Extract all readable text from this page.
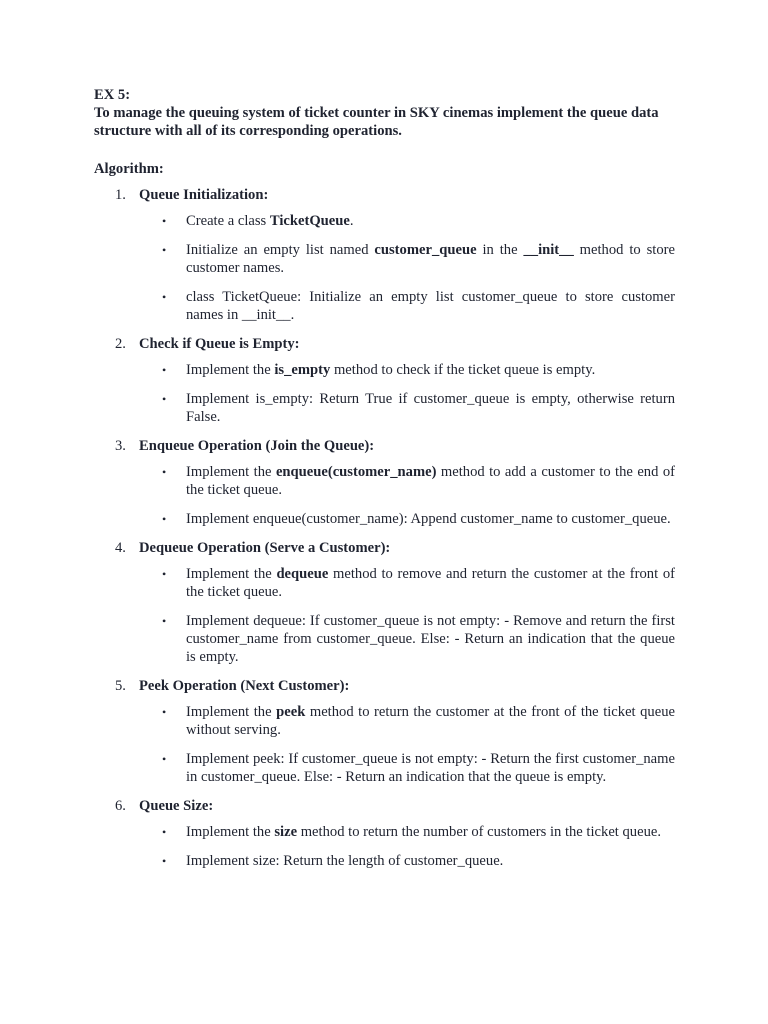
EX 5:
To manage the queuing system of ticket counter in SKY cinemas implement the queue data structure with all of its corresponding operations.
Algorithm:
1. Queue Initialization:
• Create a class TicketQueue.
• Initialize an empty list named customer_queue in the __init__ method to store customer names.
• class TicketQueue: Initialize an empty list customer_queue to store customer names in __init__.
2. Check if Queue is Empty:
• Implement the is_empty method to check if the ticket queue is empty.
• Implement is_empty: Return True if customer_queue is empty, otherwise return False.
3. Enqueue Operation (Join the Queue):
• Implement the enqueue(customer_name) method to add a customer to the end of the ticket queue.
• Implement enqueue(customer_name): Append customer_name to customer_queue.
4. Dequeue Operation (Serve a Customer):
• Implement the dequeue method to remove and return the customer at the front of the ticket queue.
• Implement dequeue: If customer_queue is not empty: - Remove and return the first customer_name from customer_queue. Else: - Return an indication that the queue is empty.
5. Peek Operation (Next Customer):
• Implement the peek method to return the customer at the front of the ticket queue without serving.
• Implement peek: If customer_queue is not empty: - Return the first customer_name in customer_queue. Else: - Return an indication that the queue is empty.
6. Queue Size:
• Implement the size method to return the number of customers in the ticket queue.
• Implement size: Return the length of customer_queue.
